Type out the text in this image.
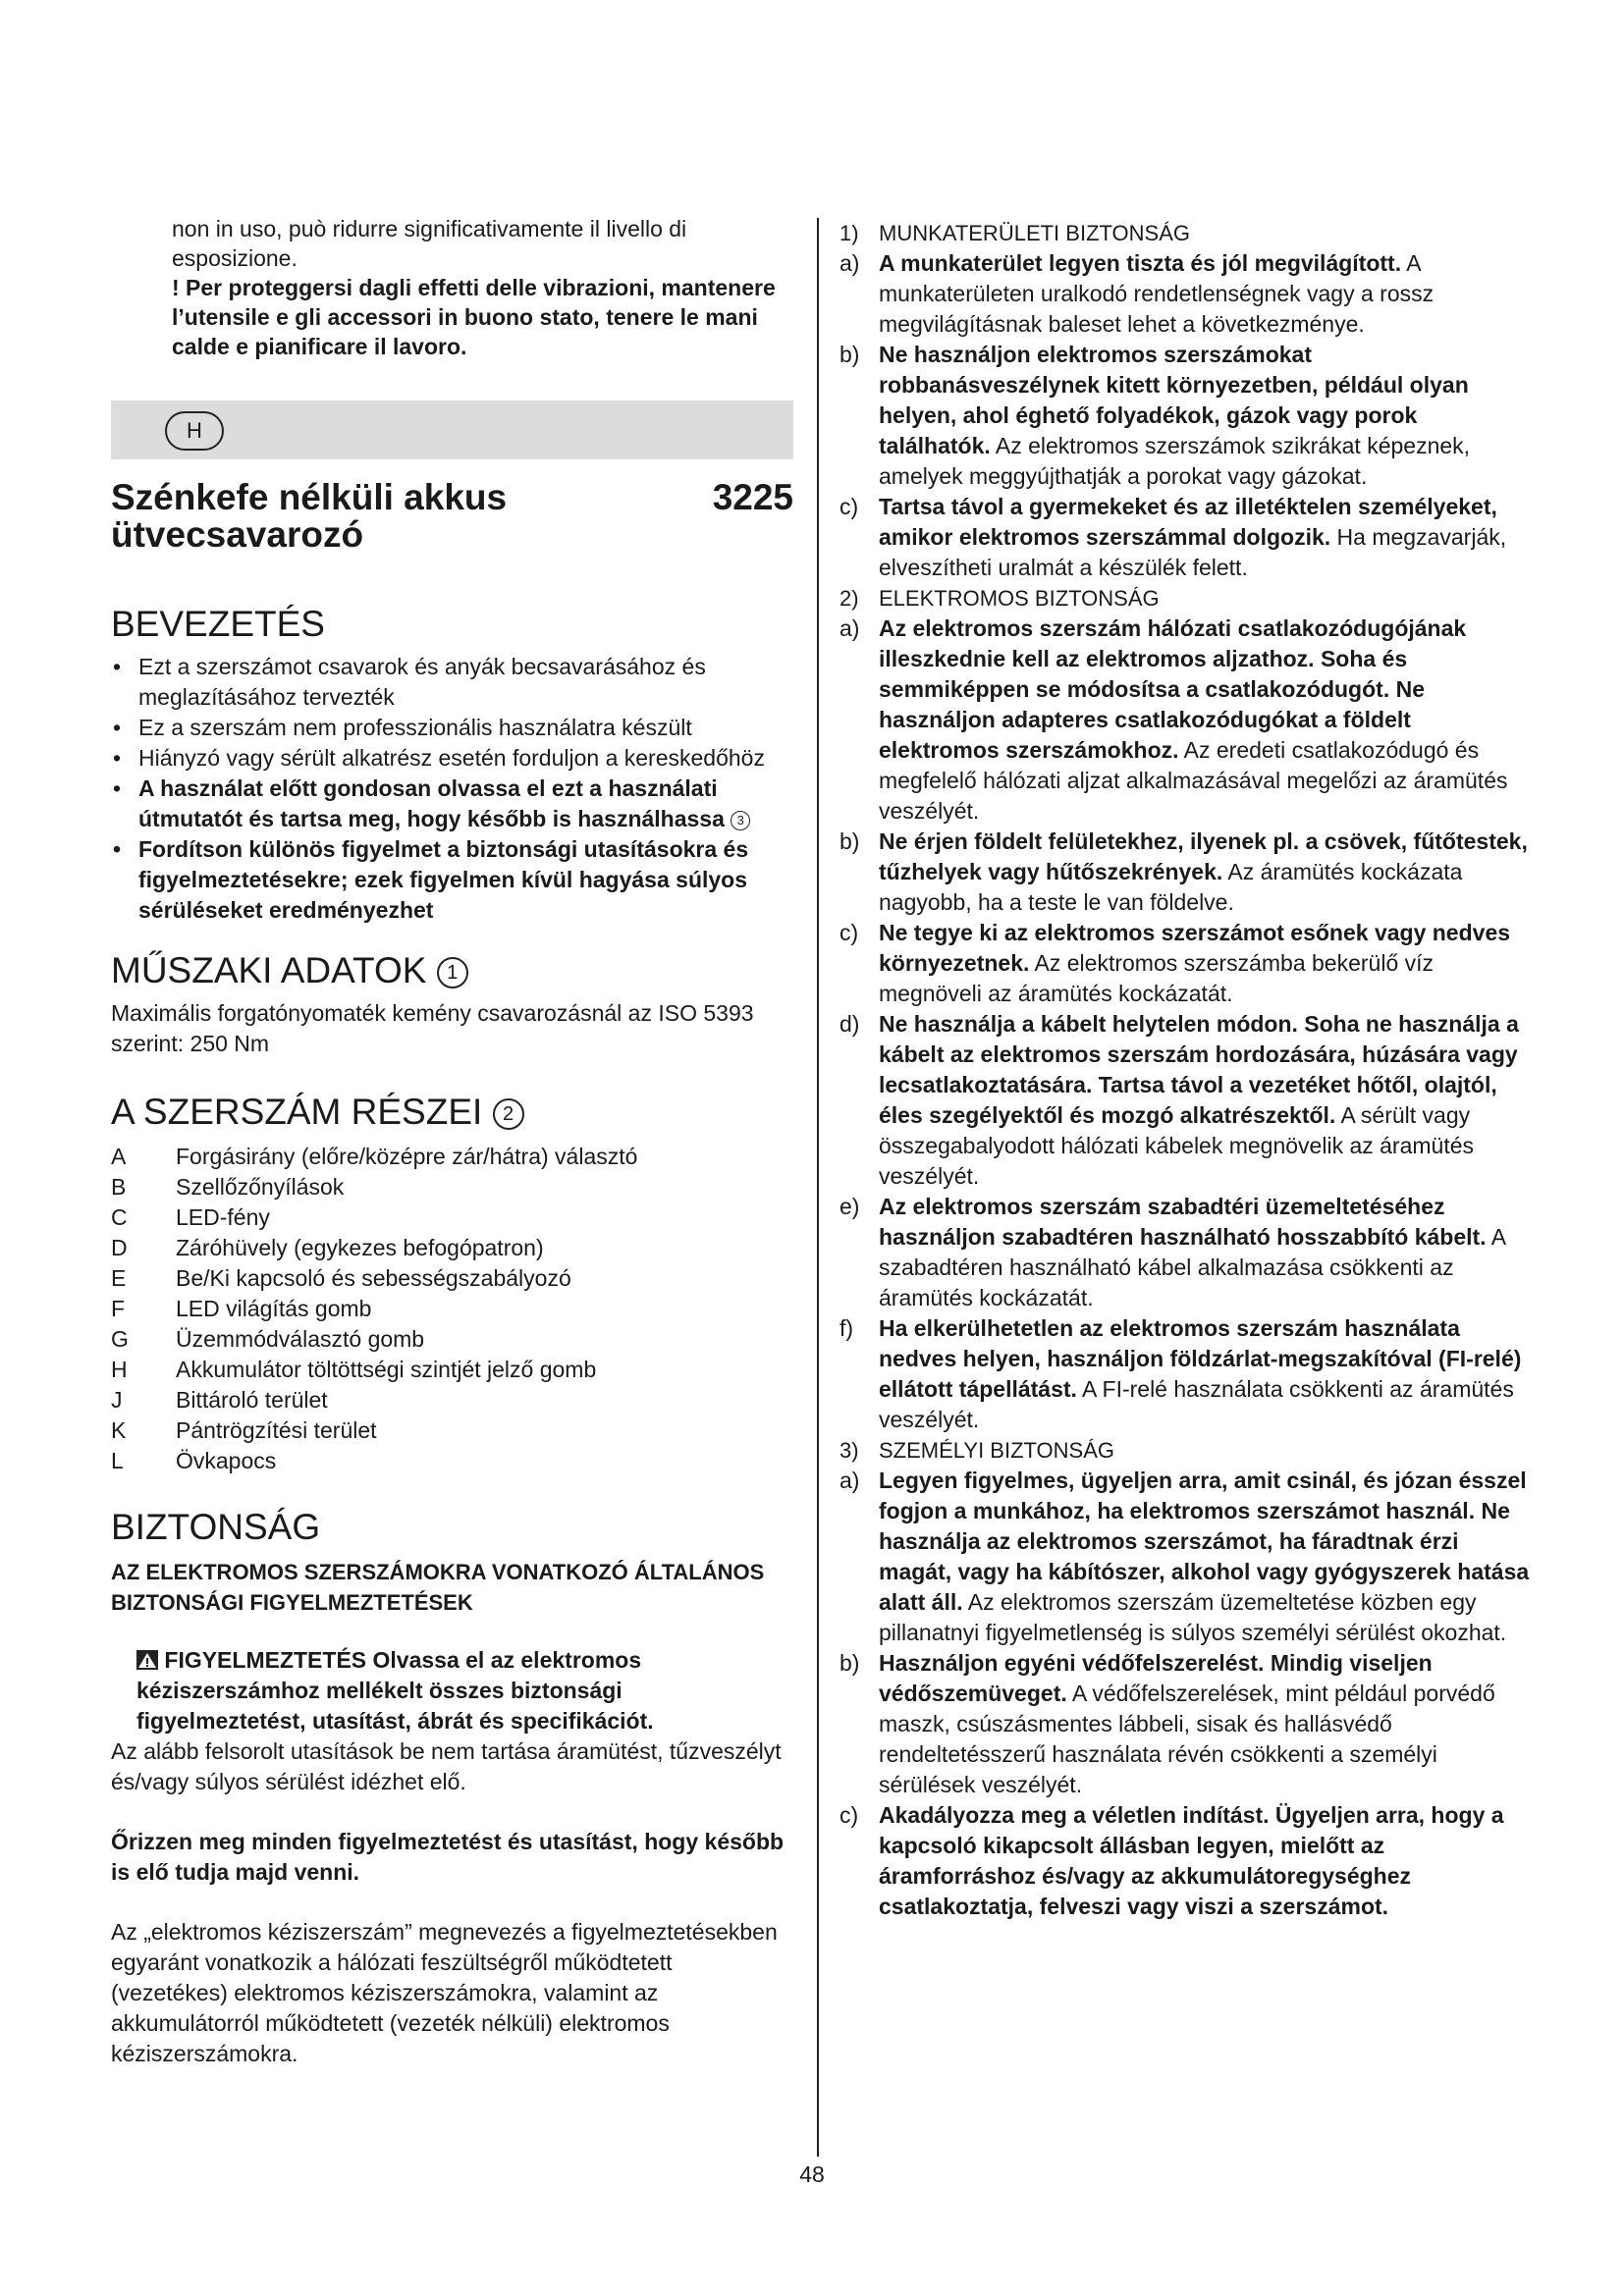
non in uso, può ridurre significativamente il livello di esposizione.

! Per proteggersi dagli effetti delle vibrazioni, mantenere l’utensile e gli accessori in buono stato, tenere le mani calde e pianificare il lavoro.

H
Szénkefe nélküli akkus
ütvecsavarozó
3225
BEVEZETÉS
• Ezt a szerszámot csavarok és anyák becsavarásához és meglazításához tervezték
• Ez a szerszám nem professzionális használatra készült
• Hiányzó vagy sérült alkatrész esetén forduljon a kereskedőhöz
• A használat előtt gondosan olvassa el ezt a használati útmutatót és tartsa meg, hogy később is használhassa 3
• Fordítson különös figyelmet a biztonsági utasításokra és figyelmeztetésekre; ezek figyelmen kívül hagyása súlyos sérüléseket eredményezhet
MŰSZAKI ADATOK 1

Maximális forgatónyomaték kemény csavarozásnál az ISO 5393 szerint: 250 Nm

A SZERSZÁM RÉSZEI 2
A	Forgásirány (előre/középre zár/hátra) választó
B	Szellőzőnyílások
C	LED-fény
D	Záróhüvely (egykezes befogópatron)
E	Be/Ki kapcsoló és sebességszabályozó
F	LED világítás gomb
G	Üzemmódválasztó gomb
H	Akkumulátor töltöttségi szintjét jelző gomb
J	Bittároló terület
K	Pántrögzítési terület
L	Övkapocs
BIZTONSÁG
AZ ELEKTROMOS SZERSZÁMOKRA VONATKOZÓ ÁLTALÁNOS BIZTONSÁGI FIGYELMEZTETÉSEK
FIGYELMEZTETÉS Olvassa el az elektromos kéziszerszámhoz mellékelt összes biztonsági figyelmeztetést, utasítást, ábrát és specifikációt.

Az alább felsorolt utasítások be nem tartása áramütést, tűzveszélyt és/vagy súlyos sérülést idézhet elő.

Őrizzen meg minden figyelmeztetést és utasítást, hogy később is elő tudja majd venni.

Az „elektromos kéziszerszám” megnevezés a figyelmeztetésekben egyaránt vonatkozik a hálózati feszültségről működtetett (vezetékes) elektromos kéziszerszámokra, valamint az akkumulátorról működtetett (vezeték nélküli) elektromos kéziszerszámokra.

1) MUNKATERÜLETI BIZTONSÁG
a) A munkaterület legyen tiszta és jól megvilágított. A munkaterületen uralkodó rendetlenségnek vagy a rossz megvilágításnak baleset lehet a következménye.
b) Ne használjon elektromos szerszámokat robbanásveszélynek kitett környezetben, például olyan helyen, ahol éghető folyadékok, gázok vagy porok találhatók. Az elektromos szerszámok szikrákat képeznek, amelyek meggyújthatják a porokat vagy gázokat.
c) Tartsa távol a gyermekeket és az illetéktelen személyeket, amikor elektromos szerszámmal dolgozik. Ha megzavarják, elveszítheti uralmát a készülék felett.
2) ELEKTROMOS BIZTONSÁG
a) Az elektromos szerszám hálózati csatlakozódugójának illeszkednie kell az elektromos aljzathoz. Soha és semmiképpen se módosítsa a csatlakozódugót. Ne használjon adapteres csatlakozódugókat a földelt elektromos szerszámokhoz. Az eredeti csatlakozódugó és megfelelő hálózati aljzat alkalmazásával megelőzi az áramütés veszélyét.
b) Ne érjen földelt felületekhez, ilyenek pl. a csövek, fűtőtestek, tűzhelyek vagy hűtőszekrények. Az áramütés kockázata nagyobb, ha a teste le van földelve.
c) Ne tegye ki az elektromos szerszámot esőnek vagy nedves környezetnek. Az elektromos szerszámba bekerülő víz megnöveli az áramütés kockázatát.
d) Ne használja a kábelt helytelen módon. Soha ne használja a kábelt az elektromos szerszám hordozására, húzására vagy lecsatlakoztatására. Tartsa távol a vezetéket hőtől, olajtól, éles szegélyektől és mozgó alkatrészektől. A sérült vagy összegabalyodott hálózati kábelek megnövelik az áramütés veszélyét.
e) Az elektromos szerszám szabadtéri üzemeltetéséhez használjon szabadtéren használható hosszabbító kábelt. A szabadtéren használható kábel alkalmazása csökkenti az áramütés kockázatát.
f)	Ha elkerülhetetlen az elektromos szerszám használata nedves helyen, használjon földzárlat-megszakítóval (FI-relé) ellátott tápellátást. A FI-relé használata csökkenti az áramütés veszélyét.
3) SZEMÉLYI BIZTONSÁG
a) Legyen figyelmes, ügyeljen arra, amit csinál, és józan ésszel fogjon a munkához, ha elektromos szerszámot használ. Ne használja az elektromos szerszámot, ha fáradtnak érzi magát, vagy ha kábítószer, alkohol vagy gyógyszerek hatása alatt áll. Az elektromos szerszám üzemeltetése közben egy pillanatnyi figyelmetlenség is súlyos személyi sérülést okozhat.
b) Használjon egyéni védőfelszerelést. Mindig viseljen védőszemüveget. A védőfelszerelések, mint például porvédő maszk, csúszásmentes lábbeli, sisak és hallásvédő rendeltetésszerű használata révén csökkenti a személyi sérülések veszélyét.
c) Akadályozza meg a véletlen indítást. Ügyeljen arra, hogy a kapcsoló kikapcsolt állásban legyen, mielőtt az áramforráshoz és/vagy az akkumulátoregységhez csatlakoztatja, felveszi vagy viszi a szerszámot.
48
